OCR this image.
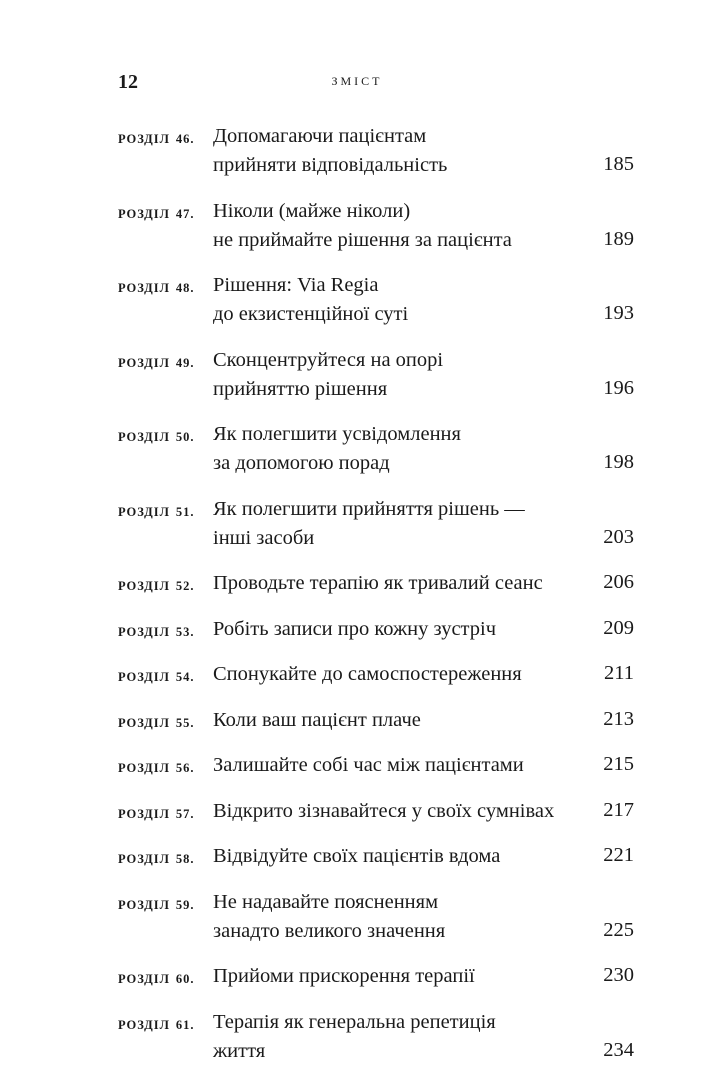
12	ЗМІСТ
РОЗДІЛ 46. Допомагаючи пацієнтам
прийняти відповідальність	185
РОЗДІЛ 47. Ніколи (майже ніколи)
не приймайте рішення за пацієнта	189
РОЗДІЛ 48. Рішення: Via Regia
до екзистенційної суті	193
РОЗДІЛ 49. Сконцентруйтеся на опорі
прийняттю рішення	196
РОЗДІЛ 50. Як полегшити усвідомлення
за допомогою порад	198
РОЗДІЛ 51. Як полегшити прийняття рішень —
інші засоби	203
РОЗДІЛ 52. Проводьте терапію як тривалий сеанс	206
РОЗДІЛ 53. Робіть записи про кожну зустріч	209
РОЗДІЛ 54. Спонукайте до самоспостереження	211
РОЗДІЛ 55. Коли ваш пацієнт плаче	213
РОЗДІЛ 56. Залишайте собі час між пацієнтами	215
РОЗДІЛ 57. Відкрито зізнавайтеся у своїх сумнівах	217
РОЗДІЛ 58. Відвідуйте своїх пацієнтів вдома	221
РОЗДІЛ 59. Не надавайте поясненням
занадто великого значення	225
РОЗДІЛ 60. Прийоми прискорення терапії	230
РОЗДІЛ 61. Терапія як генеральна репетиція
життя	234
